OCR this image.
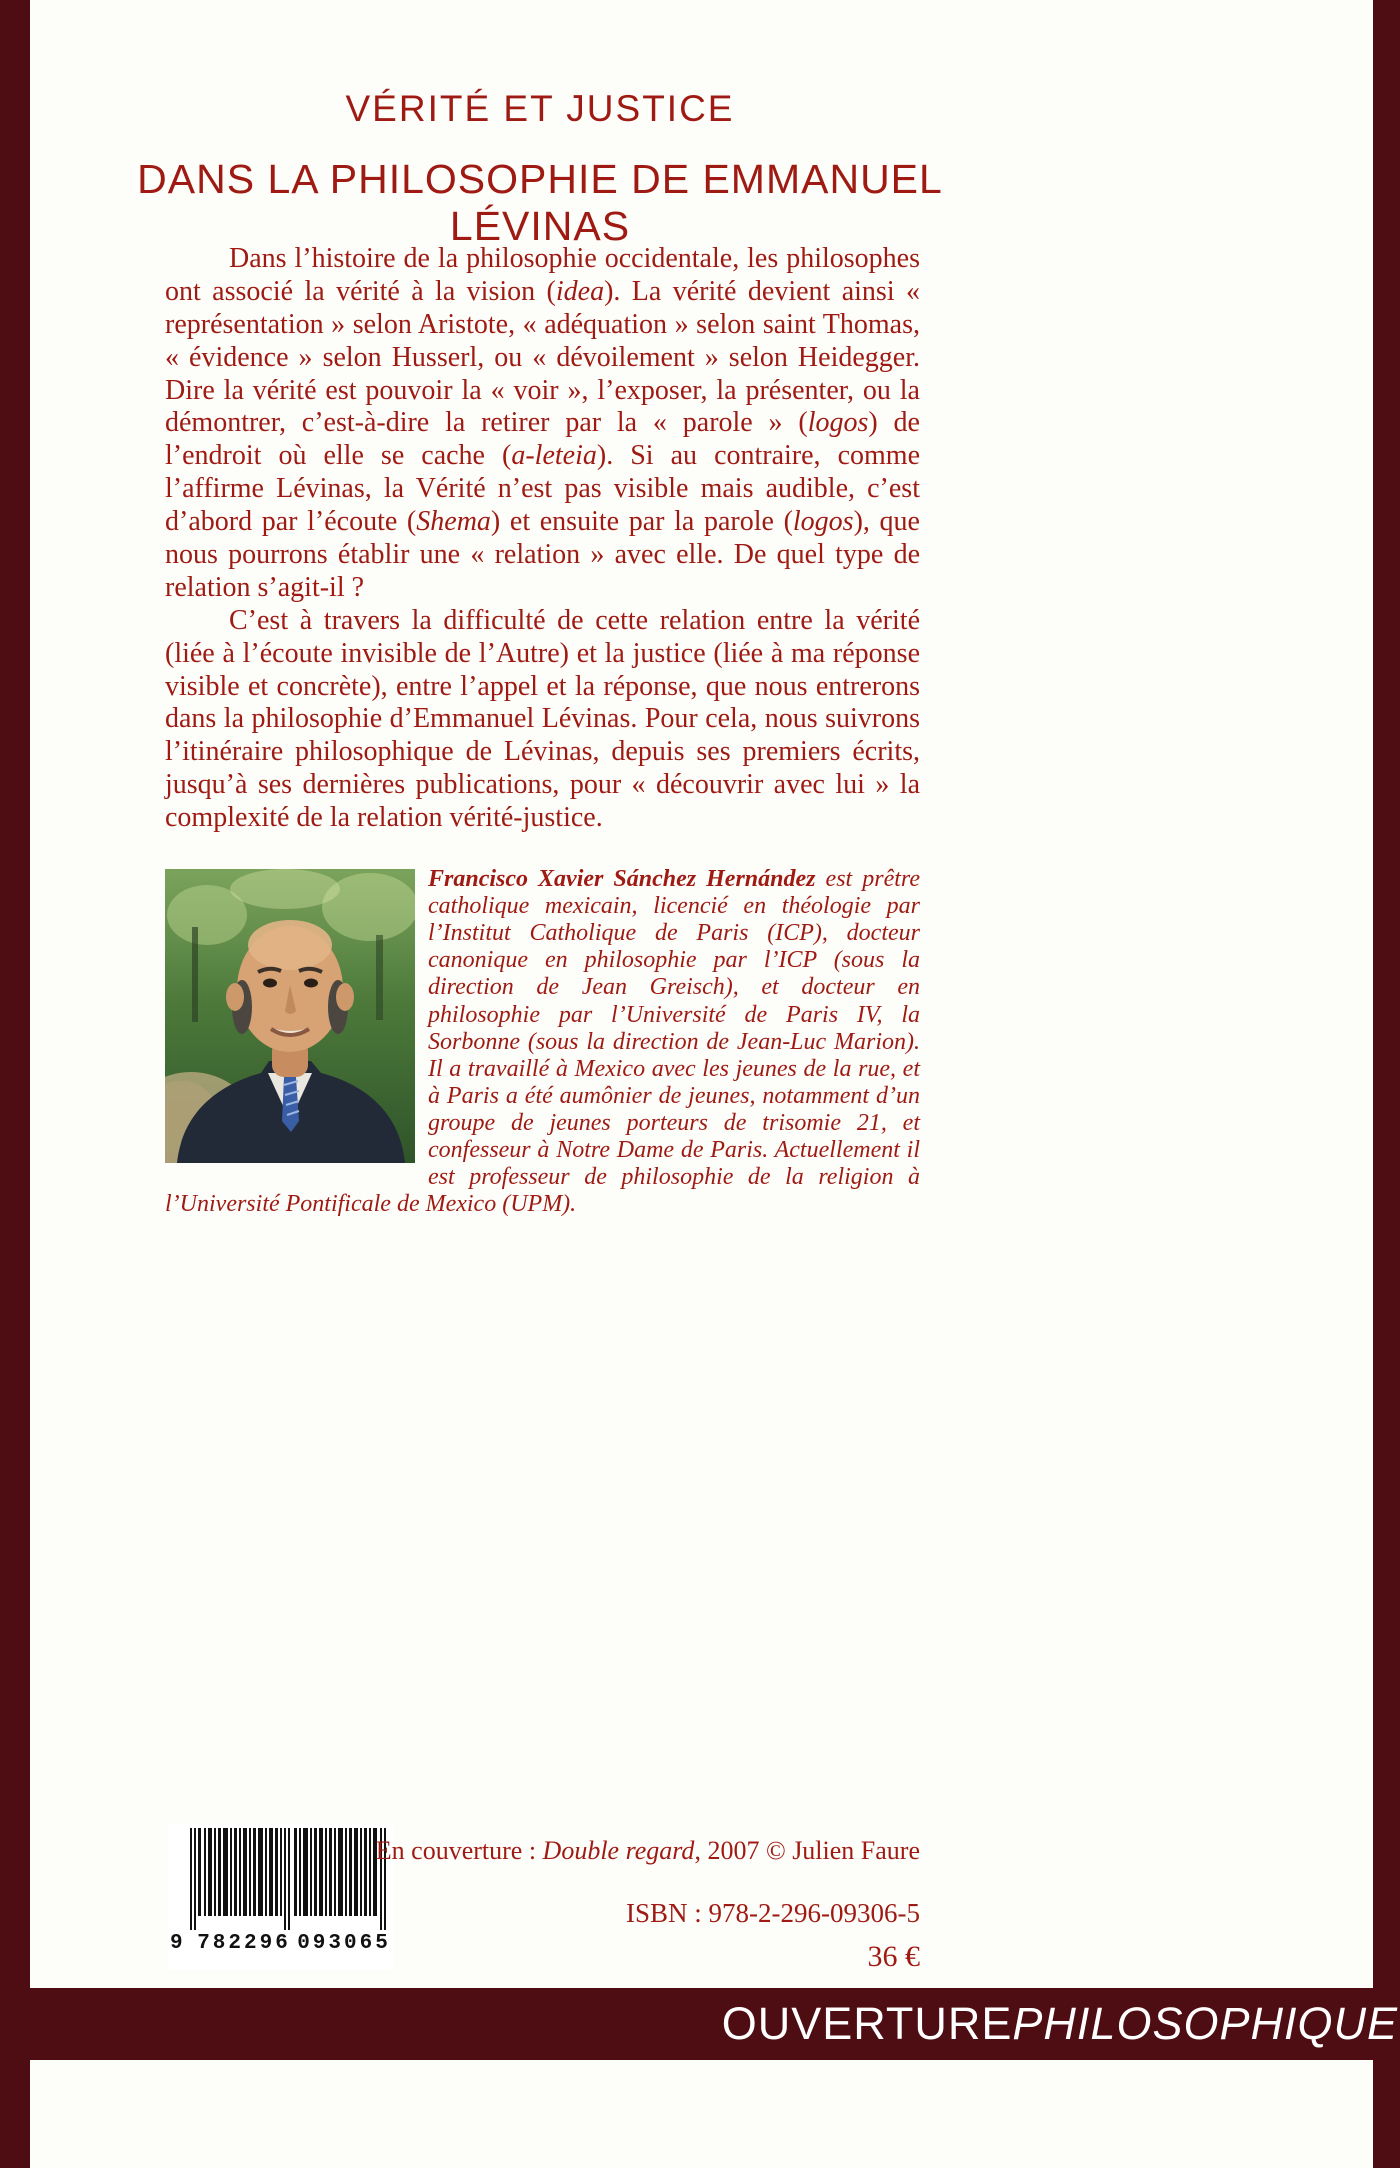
VÉRITÉ ET JUSTICE
DANS LA PHILOSOPHIE DE EMMANUEL LÉVINAS

Dans l’histoire de la philosophie occidentale, les philosophes ont associé la vérité à la vision (idea). La vérité devient ainsi « représentation » selon Aristote, « adéquation » selon saint Thomas, « évidence » selon Husserl, ou « dévoilement » selon Heidegger. Dire la vérité est pouvoir la « voir », l’exposer, la présenter, ou la démontrer, c’est-à-dire la retirer par la « parole » (logos) de l’endroit où elle se cache (a-leteia). Si au contraire, comme l’affirme Lévinas, la Vérité n’est pas visible mais audible, c’est d’abord par l’écoute (Shema) et ensuite par la parole (logos), que nous pourrons établir une « relation » avec elle. De quel type de relation s’agit-il ?

C’est à travers la difficulté de cette relation entre la vérité (liée à l’écoute invisible de l’Autre) et la justice (liée à ma réponse visible et concrète), entre l’appel et la réponse, que nous entrerons dans la philosophie d’Emmanuel Lévinas. Pour cela, nous suivrons l’itinéraire philosophique de Lévinas, depuis ses premiers écrits, jusqu’à ses dernières publications, pour « découvrir avec lui » la complexité de la relation vérité-justice.

Francisco Xavier Sánchez Hernández est prêtre catholique mexicain, licencié en théologie par l’Institut Catholique de Paris (ICP), docteur canonique en philosophie par l’ICP (sous la direction de Jean Greisch), et docteur en philosophie par l’Université de Paris IV, la Sorbonne (sous la direction de Jean-Luc Marion). Il a travaillé à Mexico avec les jeunes de la rue, et à Paris a été aumônier de jeunes, notamment d’un groupe de jeunes porteurs de trisomie 21, et confesseur à Notre Dame de Paris. Actuellement il est professeur de philosophie de la religion à l’Université Pontificale de Mexico (UPM).
9 782296 093065
En couverture : Double regard, 2007 © Julien Faure
ISBN : 978-2-296-09306-5
36 €
OUVERTURE PHILOSOPHIQUE
